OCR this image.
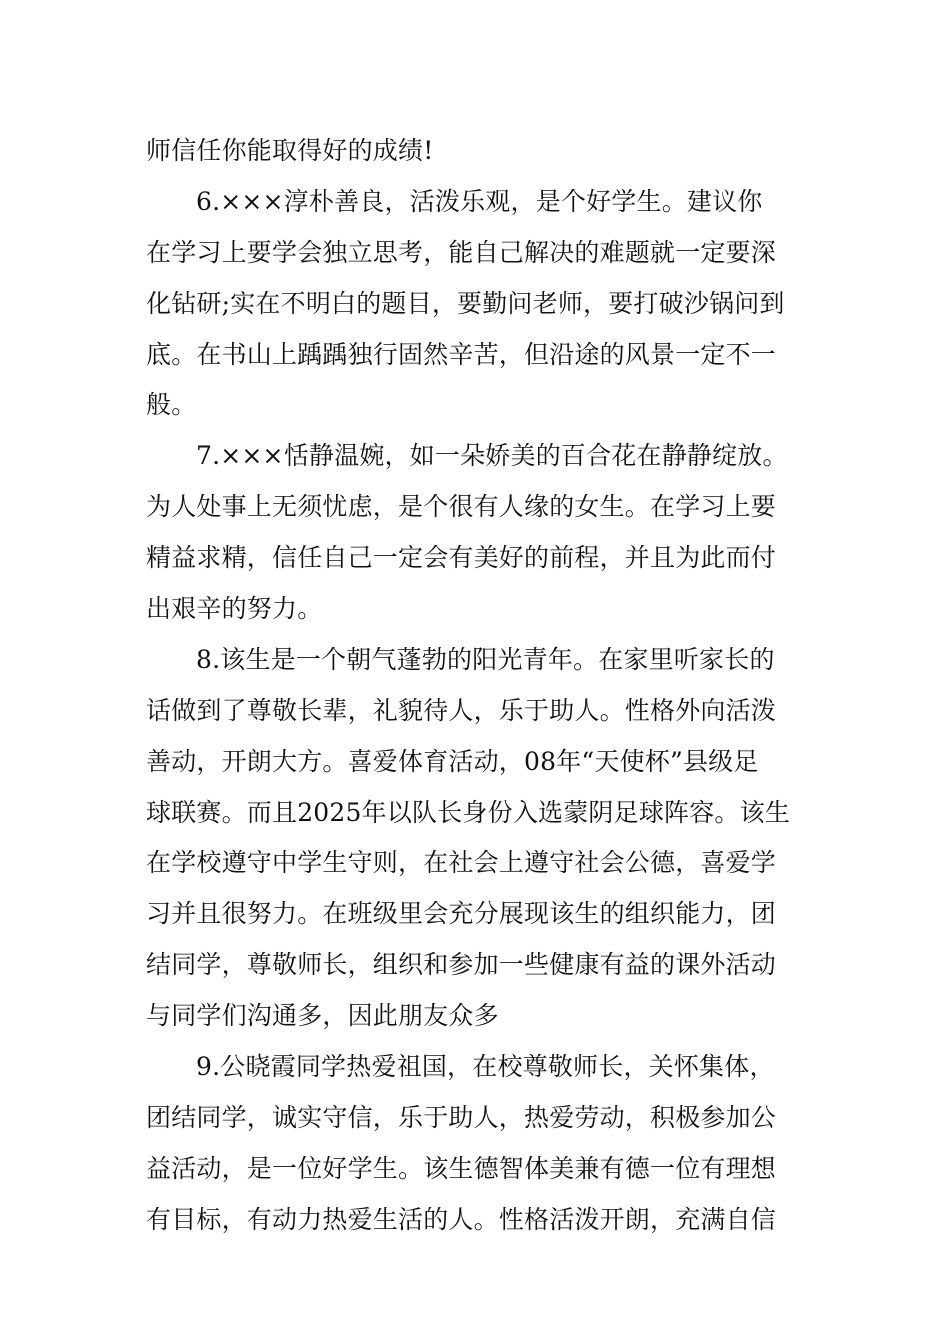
师信任你能取得好的成绩!
6.×××淳朴善良，活泼乐观，是个好学生。建议你
在学习上要学会独立思考，能自己解决的难题就一定要深
化钻研;实在不明白的题目，要勤问老师，要打破沙锅问到
底。在书山上踽踽独行固然辛苦，但沿途的风景一定不一
般。
7.×××恬静温婉，如一朵娇美的百合花在静静绽放。
为人处事上无须忧虑，是个很有人缘的女生。在学习上要
精益求精，信任自己一定会有美好的前程，并且为此而付
出艰辛的努力。
8.该生是一个朝气蓬勃的阳光青年。在家里听家长的
话做到了尊敬长辈，礼貌待人，乐于助人。性格外向活泼
善动，开朗大方。喜爱体育活动，08年“天使杯”县级足
球联赛。而且2025年以队长身份入选蒙阴足球阵容。该生
在学校遵守中学生守则，在社会上遵守社会公德，喜爱学
习并且很努力。在班级里会充分展现该生的组织能力，团
结同学，尊敬师长，组织和参加一些健康有益的课外活动
与同学们沟通多，因此朋友众多
9.公晓霞同学热爱祖国，在校尊敬师长，关怀集体，
团结同学，诚实守信，乐于助人，热爱劳动，积极参加公
益活动，是一位好学生。该生德智体美兼有德一位有理想
有目标，有动力热爱生活的人。性格活泼开朗，充满自信
